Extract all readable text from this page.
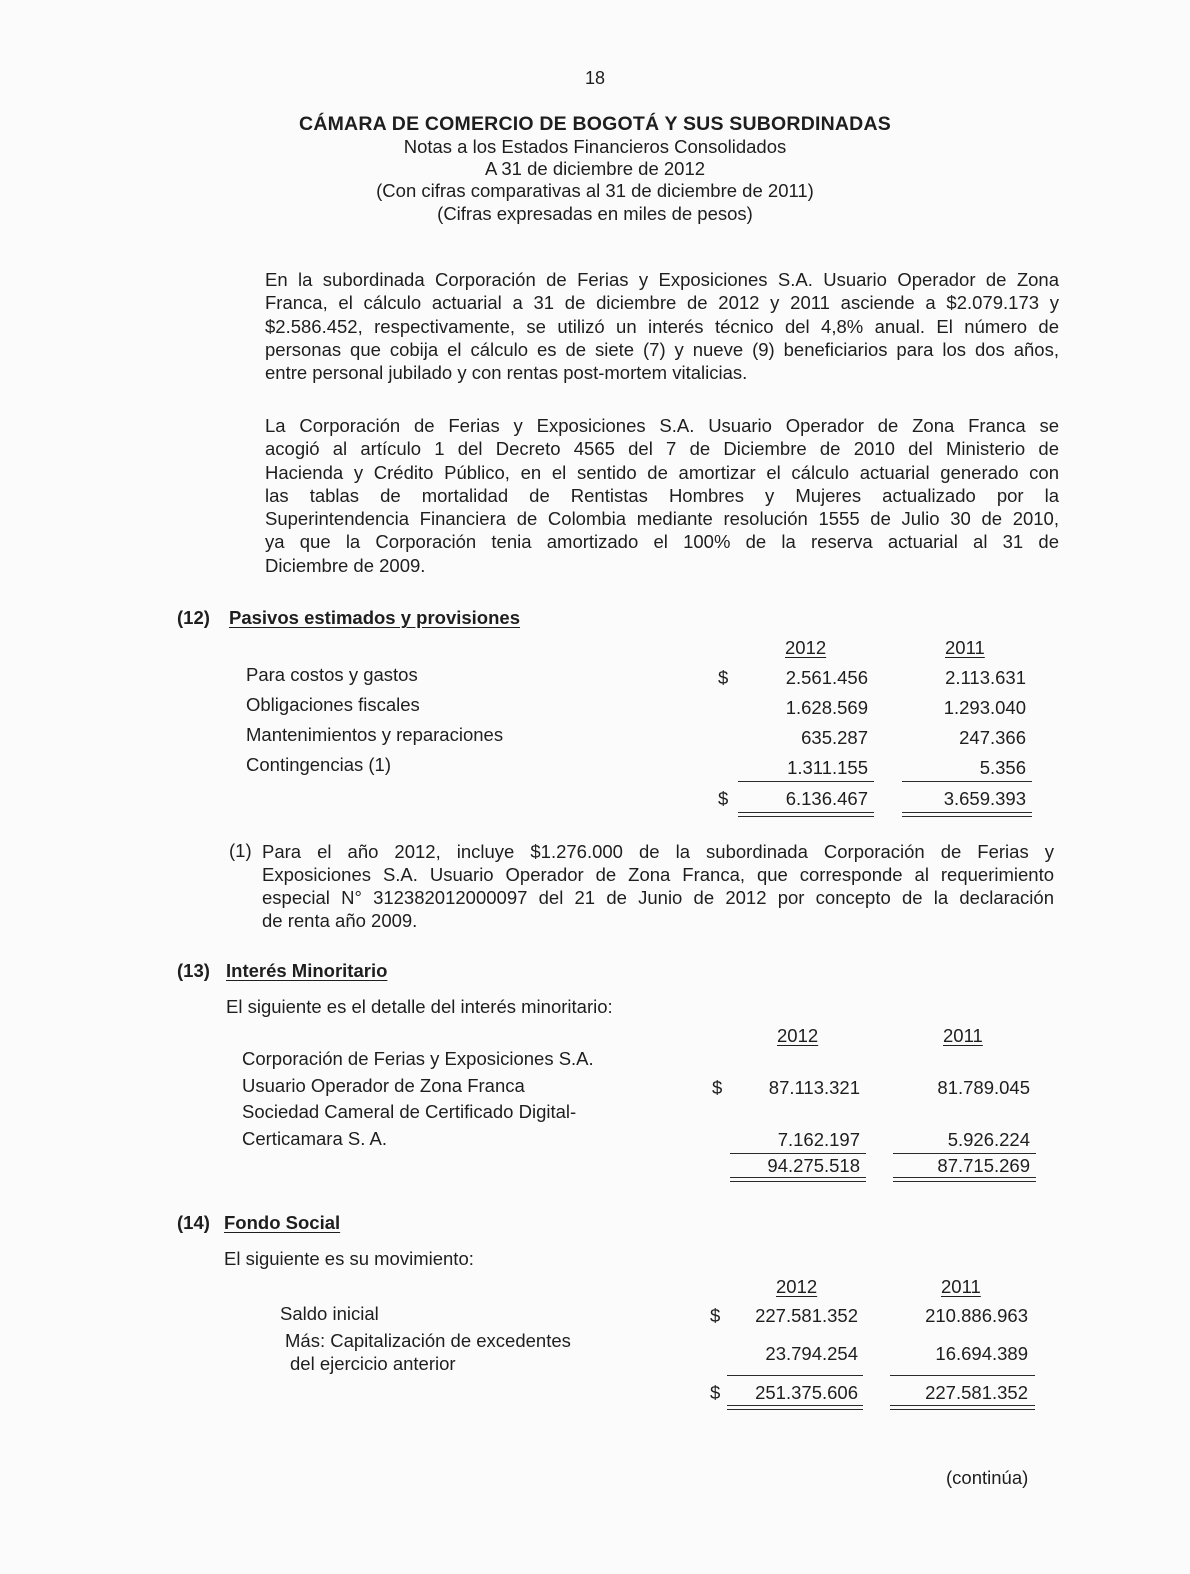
18
CÁMARA DE COMERCIO DE BOGOTÁ Y SUS SUBORDINADAS
Notas a los Estados Financieros Consolidados
A 31 de diciembre de 2012
(Con cifras comparativas al 31 de diciembre de 2011)
(Cifras expresadas en miles de pesos)
En la subordinada Corporación de Ferias y Exposiciones S.A. Usuario Operador de Zona
Franca, el cálculo actuarial a 31 de diciembre de 2012 y 2011 asciende a $2.079.173 y
$2.586.452, respectivamente, se utilizó un interés técnico del 4,8% anual. El número de
personas que cobija el cálculo es de siete (7) y nueve (9) beneficiarios para los dos años,
entre personal jubilado y con rentas post-mortem vitalicias.
La Corporación de Ferias y Exposiciones S.A. Usuario Operador de Zona Franca se
acogió al artículo 1 del Decreto 4565 del 7 de Diciembre de 2010 del Ministerio de
Hacienda y Crédito Público, en el sentido de amortizar el cálculo actuarial generado con
las tablas de mortalidad de Rentistas Hombres y Mujeres actualizado por la
Superintendencia Financiera de Colombia mediante resolución 1555 de Julio 30 de 2010,
ya que la Corporación tenia amortizado el 100% de la reserva actuarial al 31 de
Diciembre de 2009.
(12) Pasivos estimados y provisiones
2012	2011
Para costos y gastos	$	2.561.456	2.113.631
Obligaciones fiscales	1.628.569	1.293.040
Mantenimientos y reparaciones	635.287	247.366
Contingencias (1)	1.311.155	5.356
$	6.136.467	3.659.393
(1) Para el año 2012, incluye $1.276.000 de la subordinada Corporación de Ferias y
Exposiciones S.A. Usuario Operador de Zona Franca, que corresponde al requerimiento
especial N° 312382012000097 del 21 de Junio de 2012 por concepto de la declaración
de renta año 2009.
(13) Interés Minoritario
El siguiente es el detalle del interés minoritario:
2012	2011
Corporación de Ferias y Exposiciones S.A.
Usuario Operador de Zona Franca	$	87.113.321	81.789.045
Sociedad Cameral de Certificado Digital-
Certicamara S. A.	7.162.197	5.926.224
94.275.518	87.715.269
(14) Fondo Social
El siguiente es su movimiento:
2012	2011
Saldo inicial	$	227.581.352	210.886.963
Más: Capitalización de excedentes
del ejercicio anterior	23.794.254	16.694.389
$	251.375.606	227.581.352
(continúa)
